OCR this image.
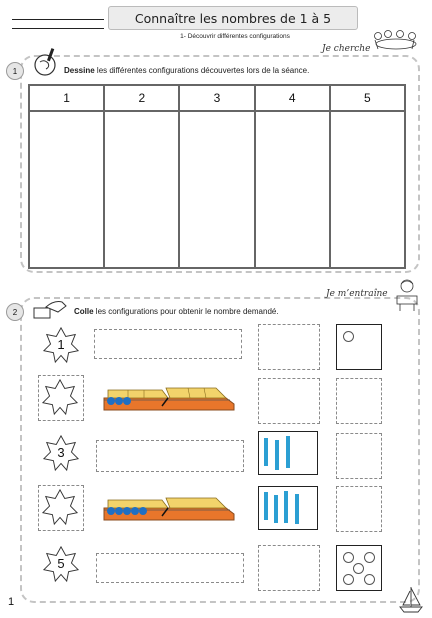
Connaître les nombres de 1 à 5
1- Découvrir différentes configurations
1
Je cherche
Dessine les différentes configurations découvertes lors de la séance.
1	2	3	4	5

2
Je m’entraîne
Colle les configurations pour obtenir le nombre demandé.
1
3
5
1
